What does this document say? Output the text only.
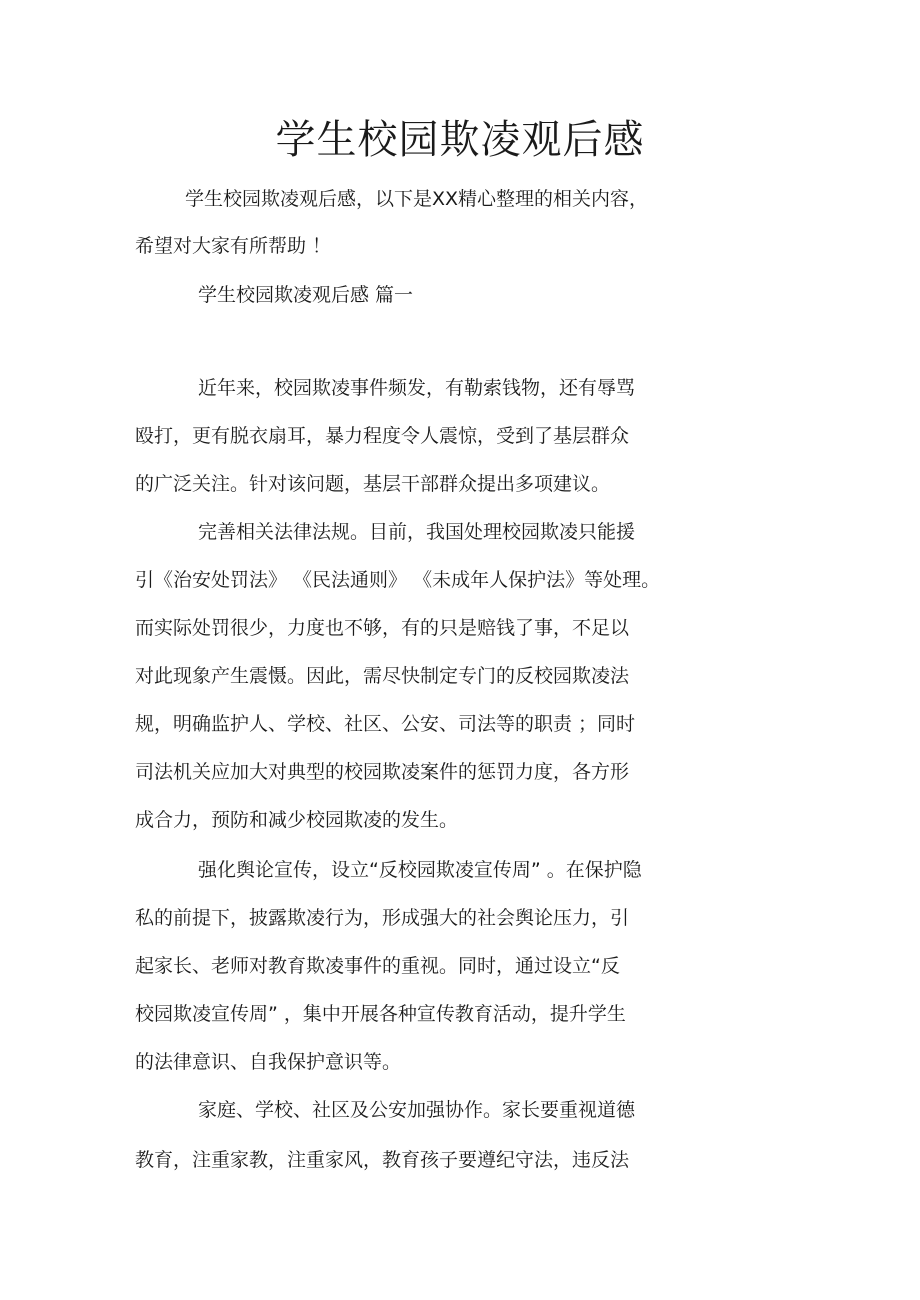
学生校园欺凌观后感

学生校园欺凌观后感，以下是XX精心整理的相关内容，

希望对大家有所帮助 ！

学生校园欺凌观后感 篇一

近年来，校园欺凌事件频发，有勒索钱物，还有辱骂

殴打，更有脱衣扇耳，暴力程度令人震惊，受到了基层群众

的广泛关注。针对该问题，基层干部群众提出多项建议。

完善相关法律法规。目前，我国处理校园欺凌只能援

引《治安处罚法》 《民法通则》 《未成年人保护法》等处理。

而实际处罚很少，力度也不够，有的只是赔钱了事，不足以

对此现象产生震慑。因此，需尽快制定专门的反校园欺凌法

规，明确监护人、学校、社区、公安、司法等的职责 ；同时

司法机关应加大对典型的校园欺凌案件的惩罚力度，各方形

成合力，预防和减少校园欺凌的发生。

强化舆论宣传，设立“反校园欺凌宣传周” 。在保护隐

私的前提下，披露欺凌行为，形成强大的社会舆论压力，引

起家长、老师对教育欺凌事件的重视。同时，通过设立“反

校园欺凌宣传周” ，集中开展各种宣传教育活动，提升学生

的法律意识、自我保护意识等。

家庭、学校、社区及公安加强协作。家长要重视道德

教育，注重家教，注重家风，教育孩子要遵纪守法，违反法
